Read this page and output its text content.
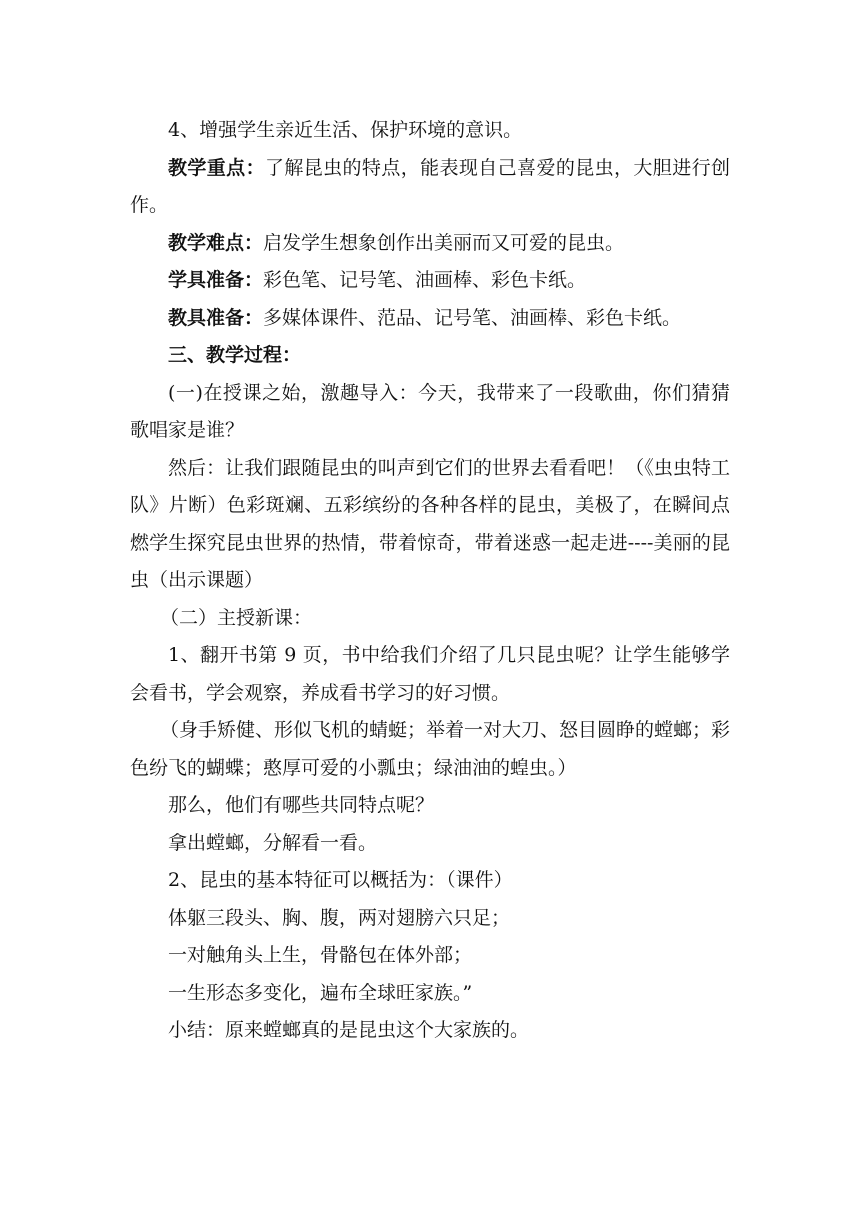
4、增强学生亲近生活、保护环境的意识。

教学重点：了解昆虫的特点，能表现自己喜爱的昆虫，大胆进行创作。

教学难点：启发学生想象创作出美丽而又可爱的昆虫。

学具准备：彩色笔、记号笔、油画棒、彩色卡纸。

教具准备：多媒体课件、范品、记号笔、油画棒、彩色卡纸。

三、教学过程：

(一)在授课之始，激趣导入：今天，我带来了一段歌曲，你们猜猜歌唱家是谁？

然后：让我们跟随昆虫的叫声到它们的世界去看看吧！（《虫虫特工队》片断）色彩斑斓、五彩缤纷的各种各样的昆虫，美极了，在瞬间点燃学生探究昆虫世界的热情，带着惊奇，带着迷惑一起走进----美丽的昆虫（出示课题）

（二）主授新课：

1、翻开书第 9 页，书中给我们介绍了几只昆虫呢？让学生能够学会看书，学会观察，养成看书学习的好习惯。

（身手矫健、形似飞机的蜻蜓；举着一对大刀、怒目圆睁的螳螂；彩色纷飞的蝴蝶；憨厚可爱的小瓢虫；绿油油的蝗虫。）

那么，他们有哪些共同特点呢？

拿出螳螂，分解看一看。

2、昆虫的基本特征可以概括为：（课件）

体躯三段头、胸、腹，两对翅膀六只足；

一对触角头上生，骨骼包在体外部；

一生形态多变化，遍布全球旺家族。”

小结：原来螳螂真的是昆虫这个大家族的。
